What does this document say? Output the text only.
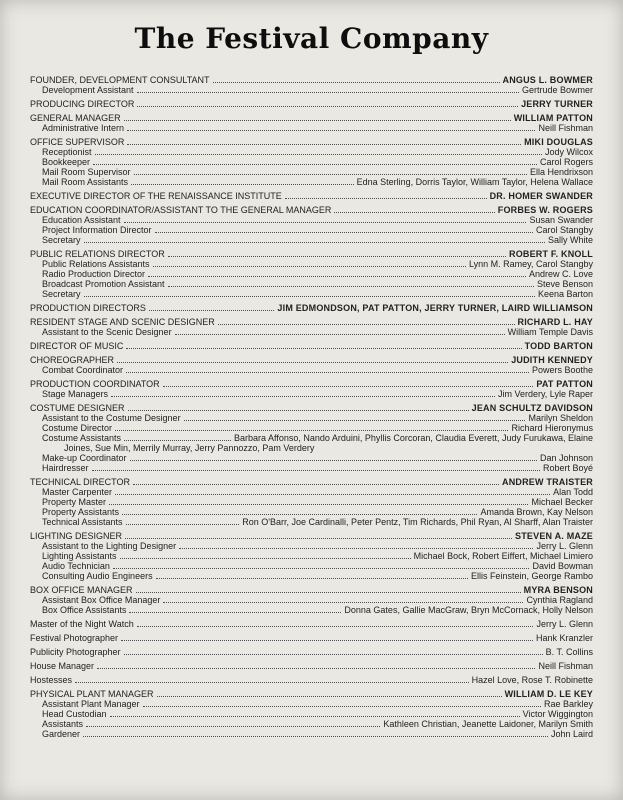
The Festival Company
FOUNDER, DEVELOPMENT CONSULTANT	ANGUS L. BOWMER
Development Assistant	Gertrude Bowmer
PRODUCING DIRECTOR	JERRY TURNER
GENERAL MANAGER	WILLIAM PATTON
Administrative Intern	Neill Fishman
OFFICE SUPERVISOR	MIKI DOUGLAS
Receptionist	Jody Wilcox
Bookkeeper	Carol Rogers
Mail Room Supervisor	Ella Hendrixson
Mail Room Assistants	Edna Sterling, Dorris Taylor, William Taylor, Helena Wallace
EXECUTIVE DIRECTOR OF THE RENAISSANCE INSTITUTE	DR. HOMER SWANDER
EDUCATION COORDINATOR/ASSISTANT TO THE GENERAL MANAGER	FORBES W. ROGERS
Education Assistant	Susan Swander
Project Information Director	Carol Stangby
Secretary	Sally White
PUBLIC RELATIONS DIRECTOR	ROBERT F. KNOLL
Public Relations Assistants	Lynn M. Ramey, Carol Stangby
Radio Production Director	Andrew C. Love
Broadcast Promotion Assistant	Steve Benson
Secretary	Keena Barton
PRODUCTION DIRECTORS	JIM EDMONDSON, PAT PATTON, JERRY TURNER, LAIRD WILLIAMSON
RESIDENT STAGE AND SCENIC DESIGNER	RICHARD L. HAY
Assistant to the Scenic Designer	William Temple Davis
DIRECTOR OF MUSIC	TODD BARTON
CHOREOGRAPHER	JUDITH KENNEDY
Combat Coordinator	Powers Boothe
PRODUCTION COORDINATOR	PAT PATTON
Stage Managers	Jim Verdery, Lyle Raper
COSTUME DESIGNER	JEAN SCHULTZ DAVIDSON
Assistant to the Costume Designer	Marilyn Sheldon
Costume Director	Richard Hieronymus
Costume Assistants	Barbara Affonso, Nando Arduini, Phyllis Corcoran, Claudia Everett, Judy Furukawa, Elaine
Joines, Sue Min, Merrily Murray, Jerry Pannozzo, Pam Verdery
Make-up Coordinator	Dan Johnson
Hairdresser	Robert Boyé
TECHNICAL DIRECTOR	ANDREW TRAISTER
Master Carpenter	Alan Todd
Property Master	Michael Becker
Property Assistants	Amanda Brown, Kay Nelson
Technical Assistants	Ron O'Barr, Joe Cardinalli, Peter Pentz, Tim Richards, Phil Ryan, Al Sharff, Alan Traister
LIGHTING DESIGNER	STEVEN A. MAZE
Assistant to the Lighting Designer	Jerry L. Glenn
Lighting Assistants	Michael Bock, Robert Eiffert, Michael Limiero
Audio Technician	David Bowman
Consulting Audio Engineers	Ellis Feinstein, George Rambo
BOX OFFICE MANAGER	MYRA BENSON
Assistant Box Office Manager	Cynthia Ragland
Box Office Assistants	Donna Gates, Gallie MacGraw, Bryn McCornack, Holly Nelson
Master of the Night Watch	Jerry L. Glenn
Festival Photographer	Hank Kranzler
Publicity Photographer	B. T. Collins
House Manager	Neill Fishman
Hostesses	Hazel Love, Rose T. Robinette
PHYSICAL PLANT MANAGER	WILLIAM D. LE KEY
Assistant Plant Manager	Rae Barkley
Head Custodian	Victor Wiggington
Assistants	Kathleen Christian, Jeanette Laidoner, Marilyn Smith
Gardener	John Laird
